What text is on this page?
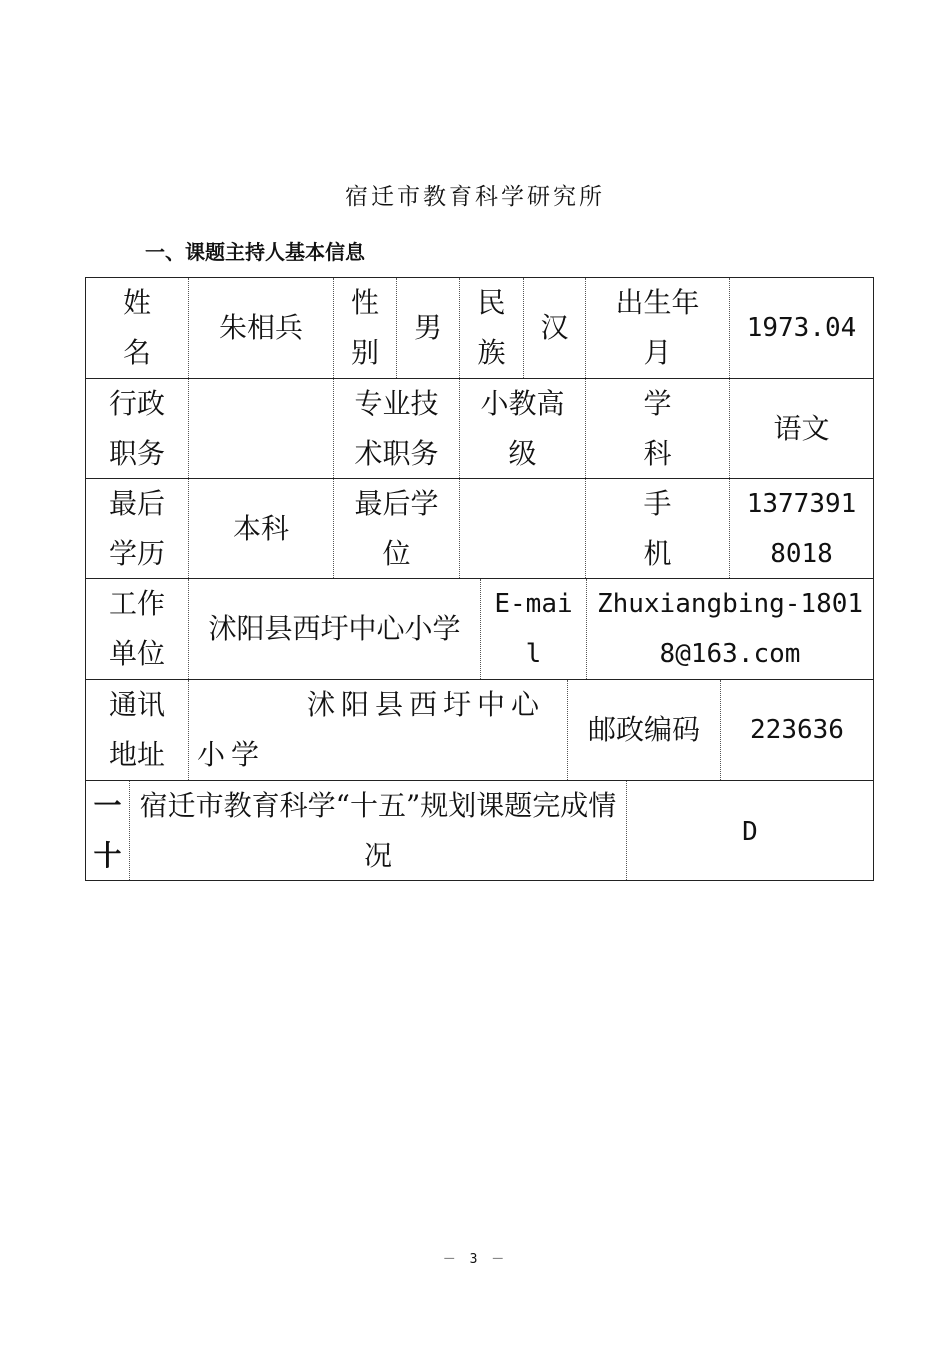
宿迁市教育科学研究所
一、课题主持人基本信息
姓名
朱相兵
性别
男
民族
汉
出生年月
1973.04
行政职务
专业技术职务
小教高级
学科
语文
最后学历
本科
最后学位
手机
13773918018
工作单位
沭阳县西圩中心小学
E-mail
Zhuxiangbing-18018@163.com
通讯地址
沭阳县西圩中心小学
邮政编码	223636
一十
宿迁市教育科学“十五”规划课题完成情况
D
－ 3 －
